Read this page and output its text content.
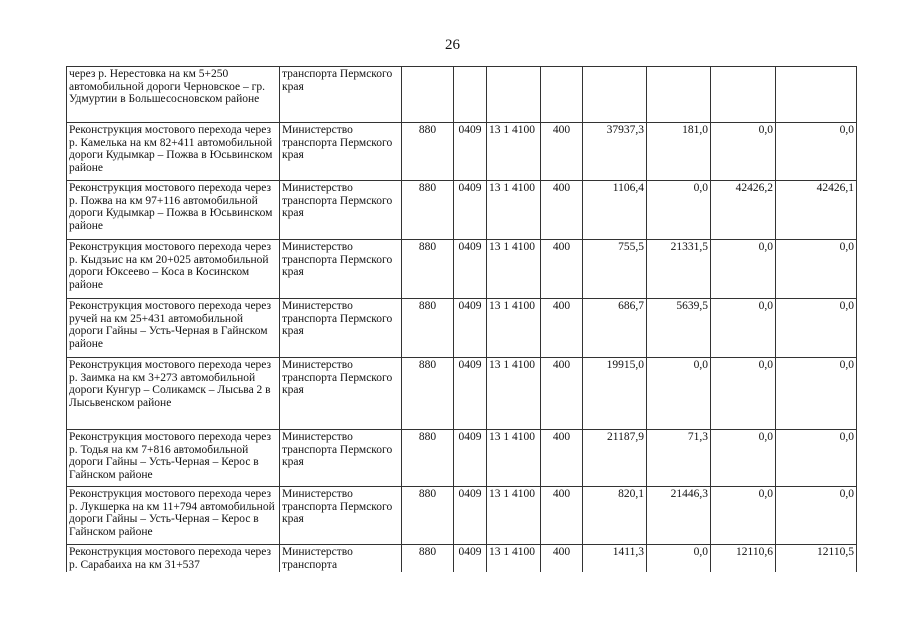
26
через р. Нерестовка на км 5+250 автомобильной дороги Черновское – гр. Удмуртии в Большесосновском районе	транспорта Пермского края								
Реконструкция мостового перехода через р. Камелька на км 82+411 автомобильной дороги Кудымкар – Пожва в Юсьвинском районе	Министерство транспорта Пермского края	880	0409	13 1 4100	400	37937,3	181,0	0,0	0,0
Реконструкция мостового перехода через р. Пожва на км 97+116 автомобильной дороги Кудымкар – Пожва в Юсьвинском районе	Министерство транспорта Пермского края	880	0409	13 1 4100	400	1106,4	0,0	42426,2	42426,1
Реконструкция мостового перехода через р. Кыдзьис на км 20+025 автомобильной дороги Юксеево – Коса в Косинском районе	Министерство транспорта Пермского края	880	0409	13 1 4100	400	755,5	21331,5	0,0	0,0
Реконструкция мостового перехода через ручей на км 25+431 автомобильной дороги Гайны – Усть-Черная в Гайнском районе	Министерство транспорта Пермского края	880	0409	13 1 4100	400	686,7	5639,5	0,0	0,0
Реконструкция мостового перехода через р. Заимка на км 3+273 автомобильной дороги Кунгур – Соликамск – Лысьва 2 в Лысьвенском районе	Министерство транспорта Пермского края	880	0409	13 1 4100	400	19915,0	0,0	0,0	0,0
Реконструкция мостового перехода через р. Тодья на км 7+816 автомобильной дороги Гайны – Усть-Черная – Керос в Гайнском районе	Министерство транспорта Пермского края	880	0409	13 1 4100	400	21187,9	71,3	0,0	0,0
Реконструкция мостового перехода через р. Лукшерка на км 11+794 автомобильной дороги Гайны – Усть-Черная – Керос в Гайнском районе	Министерство транспорта Пермского края	880	0409	13 1 4100	400	820,1	21446,3	0,0	0,0
Реконструкция мостового перехода через р. Сарабаиха на км 31+537	Министерство транспорта	880	0409	13 1 4100	400	1411,3	0,0	12110,6	12110,5
